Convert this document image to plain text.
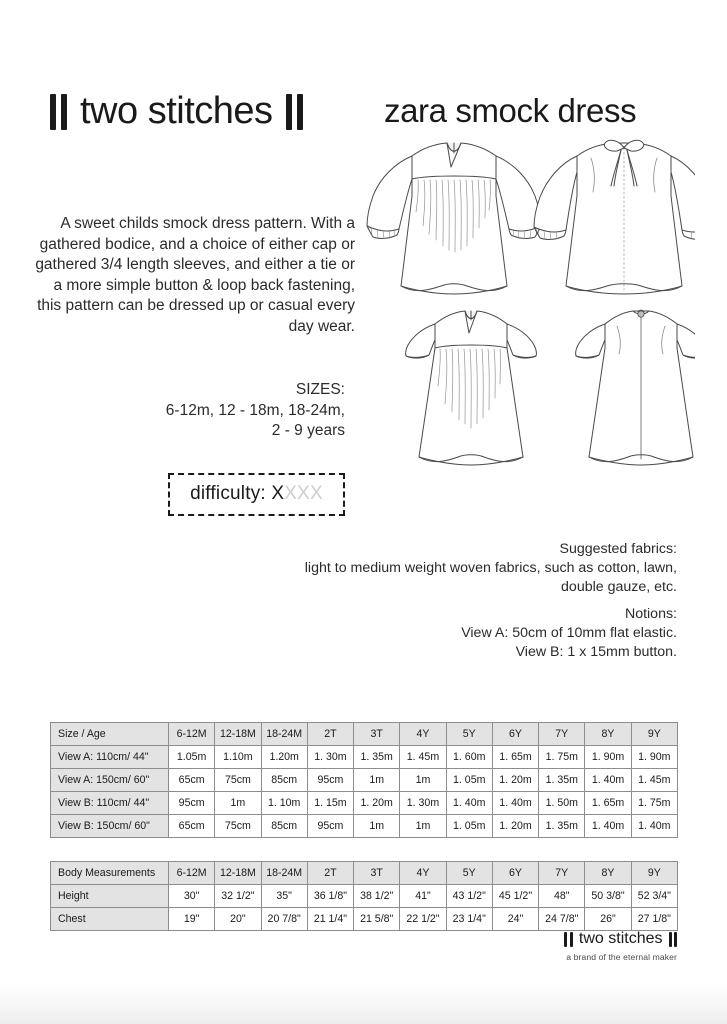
two stitches	zara smock dress
A sweet childs smock dress pattern. With a gathered bodice, and a choice of either cap or gathered 3/4 length sleeves, and either a tie or a more simple button & loop back fastening, this pattern can be dressed up or casual every day wear.
SIZES:
6-12m, 12 - 18m, 18-24m,
2 - 9 years
difficulty: XXXX
Suggested fabrics:
light to medium weight woven fabrics, such as cotton, lawn,
double gauze, etc.
Notions:
View A: 50cm of 10mm flat elastic.
View B: 1 x 15mm button.
Size / Age	6-12M	12-18M	18-24M	2T	3T	4Y	5Y	6Y	7Y	8Y	9Y
View A: 110cm/ 44"	1.05m	1.10m	1.20m	1. 30m	1. 35m	1. 45m	1. 60m	1. 65m	1. 75m	1. 90m	1. 90m
View A: 150cm/ 60"	65cm	75cm	85cm	95cm	1m	1m	1. 05m	1. 20m	1. 35m	1. 40m	1. 45m
View B: 110cm/ 44"	95cm	1m	1. 10m	1. 15m	1. 20m	1. 30m	1. 40m	1. 40m	1. 50m	1. 65m	1. 75m
View B: 150cm/ 60"	65cm	75cm	85cm	95cm	1m	1m	1. 05m	1. 20m	1. 35m	1. 40m	1. 40m
Body Measurements	6-12M	12-18M	18-24M	2T	3T	4Y	5Y	6Y	7Y	8Y	9Y
Height	30"	32 1/2"	35"	36 1/8"	38 1/2"	41"	43 1/2"	45 1/2"	48"	50 3/8"	52 3/4"
Chest	19"	20"	20 7/8"	21 1/4"	21 5/8"	22 1/2"	23 1/4"	24"	24 7/8"	26"	27 1/8"
two stitches
a brand of the eternal maker
